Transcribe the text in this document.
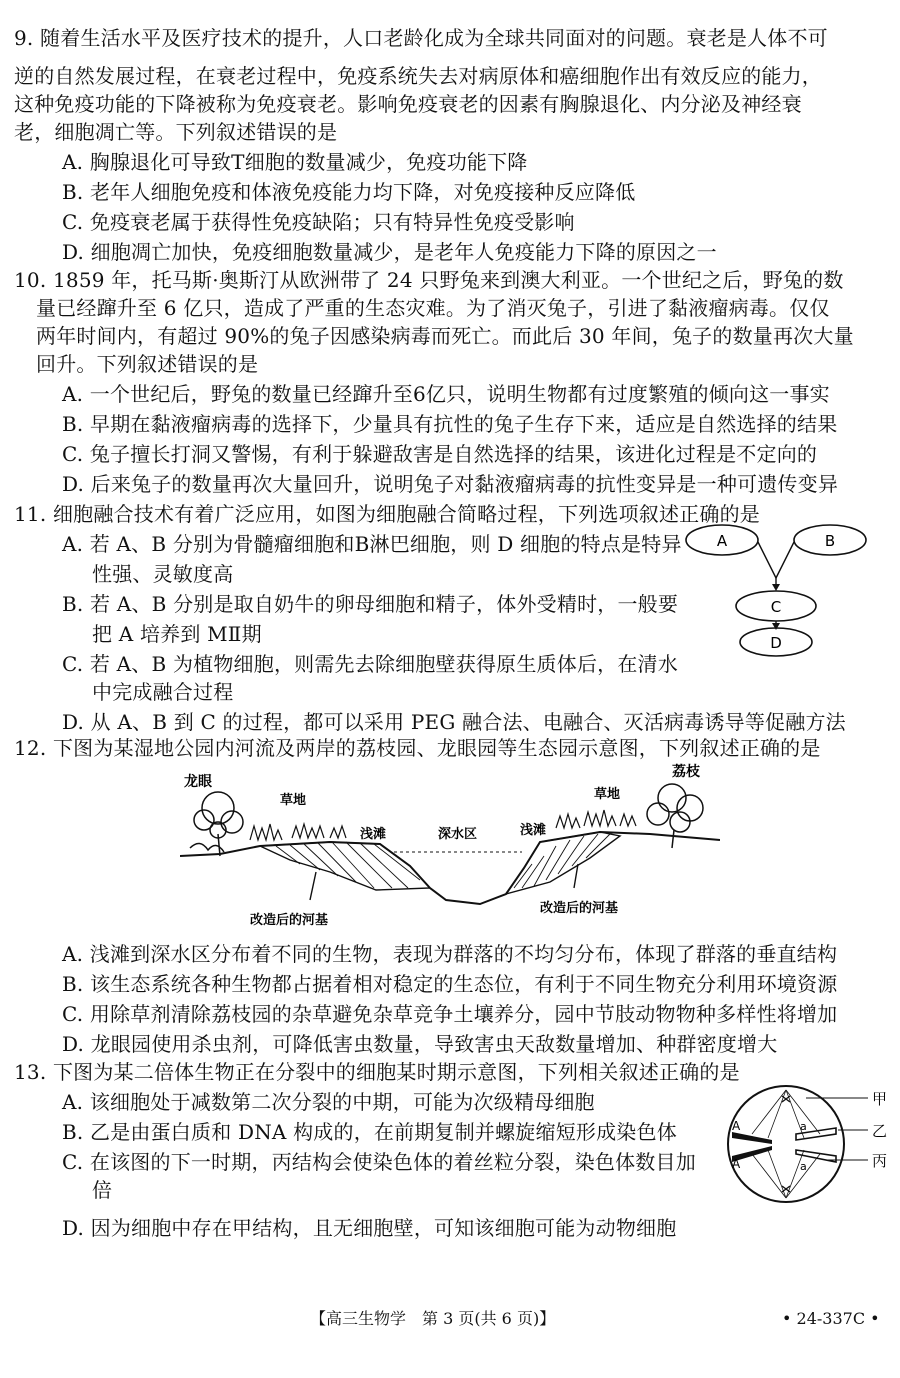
9. 随着生活水平及医疗技术的提升，人口老龄化成为全球共同面对的问题。衰老是人体不可
逆的自然发展过程，在衰老过程中，免疫系统失去对病原体和癌细胞作出有效反应的能力，
这种免疫功能的下降被称为免疫衰老。影响免疫衰老的因素有胸腺退化、内分泌及神经衰
老，细胞凋亡等。下列叙述错误的是
A. 胸腺退化可导致T细胞的数量减少，免疫功能下降
B. 老年人细胞免疫和体液免疫能力均下降，对免疫接种反应降低
C. 免疫衰老属于获得性免疫缺陷；只有特异性免疫受影响
D. 细胞凋亡加快，免疫细胞数量减少，是老年人免疫能力下降的原因之一
10. 1859 年，托马斯·奥斯汀从欧洲带了 24 只野兔来到澳大利亚。一个世纪之后，野兔的数
量已经蹿升至 6 亿只，造成了严重的生态灾难。为了消灭兔子，引进了黏液瘤病毒。仅仅
两年时间内，有超过 90%的兔子因感染病毒而死亡。而此后 30 年间，兔子的数量再次大量
回升。下列叙述错误的是
A. 一个世纪后，野兔的数量已经蹿升至6亿只，说明生物都有过度繁殖的倾向这一事实
B. 早期在黏液瘤病毒的选择下，少量具有抗性的兔子生存下来，适应是自然选择的结果
C. 兔子擅长打洞又警惕，有利于躲避敌害是自然选择的结果，该进化过程是不定向的
D. 后来兔子的数量再次大量回升，说明兔子对黏液瘤病毒的抗性变异是一种可遗传变异
11. 细胞融合技术有着广泛应用，如图为细胞融合简略过程，下列选项叙述正确的是
A. 若 A、B 分别为骨髓瘤细胞和B淋巴细胞，则 D 细胞的特点是特异
性强、灵敏度高
B. 若 A、B 分别是取自奶牛的卵母细胞和精子，体外受精时，一般要
把 A 培养到 MⅡ期
C. 若 A、B 为植物细胞，则需先去除细胞壁获得原生质体后，在清水
中完成融合过程
D. 从 A、B 到 C 的过程，都可以采用 PEG 融合法、电融合、灭活病毒诱导等促融方法
A	B
C
D
12. 下图为某湿地公园内河流及两岸的荔枝园、龙眼园等生态园示意图，下列叙述正确的是
龙眼
荔枝
草地	草地
浅滩	深水区	浅滩
改造后的河基
改造后的河基
A. 浅滩到深水区分布着不同的生物，表现为群落的不均匀分布，体现了群落的垂直结构
B. 该生态系统各种生物都占据着相对稳定的生态位，有利于不同生物充分利用环境资源
C. 用除草剂清除荔枝园的杂草避免杂草竞争土壤养分，园中节肢动物物种多样性将增加
D. 龙眼园使用杀虫剂，可降低害虫数量，导致害虫天敌数量增加、种群密度增大
13. 下图为某二倍体生物正在分裂中的细胞某时期示意图，下列相关叙述正确的是
A. 该细胞处于减数第二次分裂的中期，可能为次级精母细胞
B. 乙是由蛋白质和 DNA 构成的，在前期复制并螺旋缩短形成染色体
C. 在该图的下一时期，丙结构会使染色体的着丝粒分裂，染色体数目加
倍
D. 因为细胞中存在甲结构，且无细胞壁，可知该细胞可能为动物细胞
A
A
a
a
甲
乙
丙
【高三生物学　第 3 页(共 6 页)】	• 24-337C •
